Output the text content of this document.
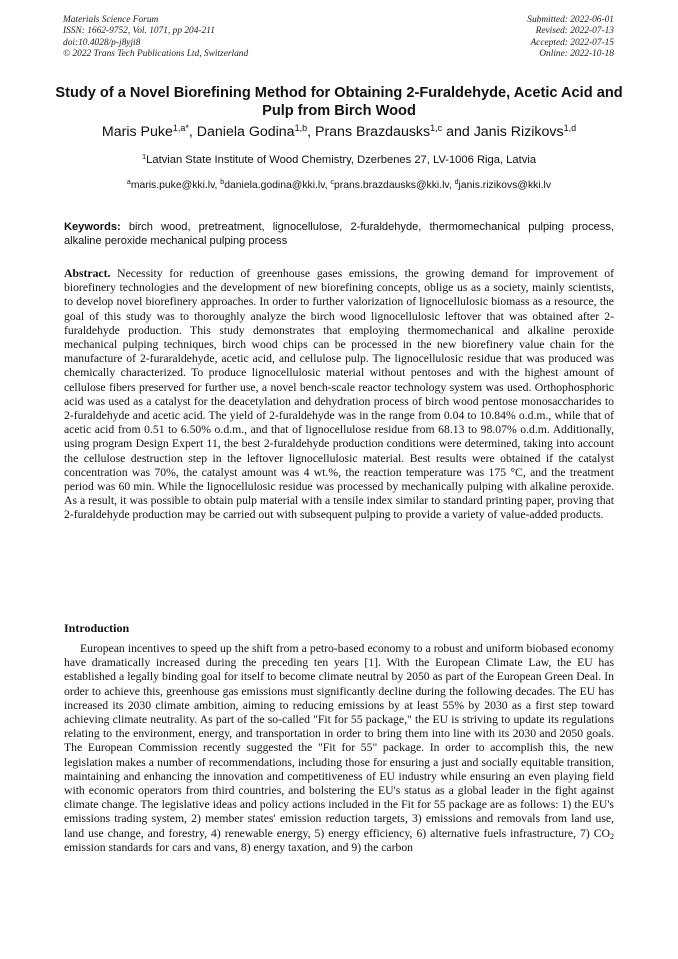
Materials Science Forum
ISSN: 1662-9752, Vol. 1071, pp 204-211
doi:10.4028/p-j8yji8
© 2022 Trans Tech Publications Ltd, Switzerland
Submitted: 2022-06-01
Revised: 2022-07-13
Accepted: 2022-07-15
Online: 2022-10-18
Study of a Novel Biorefining Method for Obtaining 2-Furaldehyde, Acetic Acid and Pulp from Birch Wood
Maris Puke$^{1,a*}$, Daniela Godina$^{1,b}$, Prans Brazdausks$^{1,c}$ and Janis Rizikovs$^{1,d}$
$^1$Latvian State Institute of Wood Chemistry, Dzerbenes 27, LV-1006 Riga, Latvia
$^a$maris.puke@kki.lv, $^b$daniela.godina@kki.lv, $^c$prans.brazdausks@kki.lv, $^d$janis.rizikovs@kki.lv
Keywords: birch wood, pretreatment, lignocellulose, 2-furaldehyde, thermomechanical pulping process, alkaline peroxide mechanical pulping process
Abstract. Necessity for reduction of greenhouse gases emissions, the growing demand for improvement of biorefinery technologies and the development of new biorefining concepts, oblige us as a society, mainly scientists, to develop novel biorefinery approaches. In order to further valorization of lignocellulosic biomass as a resource, the goal of this study was to thoroughly analyze the birch wood lignocellulosic leftover that was obtained after 2-furaldehyde production. This study demonstrates that employing thermomechanical and alkaline peroxide mechanical pulping techniques, birch wood chips can be processed in the new biorefinery value chain for the manufacture of 2-furaraldehyde, acetic acid, and cellulose pulp. The lignocellulosic residue that was produced was chemically characterized. To produce lignocellulosic material without pentoses and with the highest amount of cellulose fibers preserved for further use, a novel bench-scale reactor technology system was used. Orthophosphoric acid was used as a catalyst for the deacetylation and dehydration process of birch wood pentose monosaccharides to 2-furaldehyde and acetic acid. The yield of 2-furaldehyde was in the range from 0.04 to 10.84% o.d.m., while that of acetic acid from 0.51 to 6.50% o.d.m., and that of lignocellulose residue from 68.13 to 98.07% o.d.m. Additionally, using program Design Expert 11, the best 2-furaldehyde production conditions were determined, taking into account the cellulose destruction step in the leftover lignocellulosic material. Best results were obtained if the catalyst concentration was 70%, the catalyst amount was 4 wt.%, the reaction temperature was 175 °C, and the treatment period was 60 min. While the lignocellulosic residue was processed by mechanically pulping with alkaline peroxide. As a result, it was possible to obtain pulp material with a tensile index similar to standard printing paper, proving that 2-furaldehyde production may be carried out with subsequent pulping to provide a variety of value-added products.
Introduction
European incentives to speed up the shift from a petro-based economy to a robust and uniform biobased economy have dramatically increased during the preceding ten years [1]. With the European Climate Law, the EU has established a legally binding goal for itself to become climate neutral by 2050 as part of the European Green Deal. In order to achieve this, greenhouse gas emissions must significantly decline during the following decades. The EU has increased its 2030 climate ambition, aiming to reducing emissions by at least 55% by 2030 as a first step toward achieving climate neutrality. As part of the so-called "Fit for 55 package," the EU is striving to update its regulations relating to the environment, energy, and transportation in order to bring them into line with its 2030 and 2050 goals. The European Commission recently suggested the "Fit for 55" package. In order to accomplish this, the new legislation makes a number of recommendations, including those for ensuring a just and socially equitable transition, maintaining and enhancing the innovation and competitiveness of EU industry while ensuring an even playing field with economic operators from third countries, and bolstering the EU's status as a global leader in the fight against climate change. The legislative ideas and policy actions included in the Fit for 55 package are as follows: 1) the EU's emissions trading system, 2) member states' emission reduction targets, 3) emissions and removals from land use, land use change, and forestry, 4) renewable energy, 5) energy efficiency, 6) alternative fuels infrastructure, 7) $CO_2$ emission standards for cars and vans, 8) energy taxation, and 9) the carbon
